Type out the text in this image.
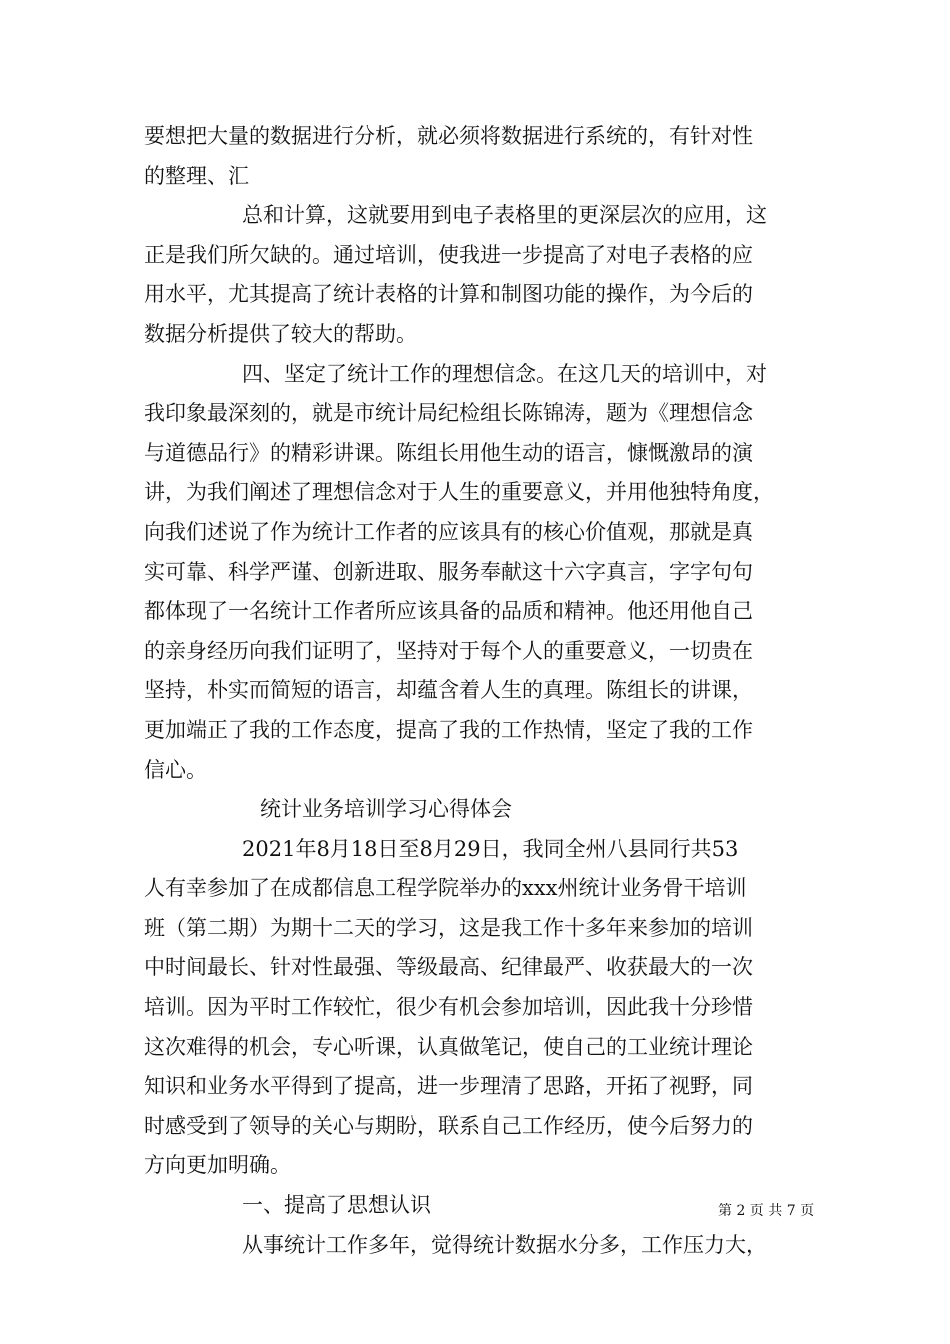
要想把大量的数据进行分析，就必须将数据进行系统的，有针对性
的整理、汇
总和计算，这就要用到电子表格里的更深层次的应用，这
正是我们所欠缺的。通过培训，使我进一步提高了对电子表格的应
用水平，尤其提高了统计表格的计算和制图功能的操作，为今后的
数据分析提供了较大的帮助。
四、坚定了统计工作的理想信念。在这几天的培训中，对
我印象最深刻的，就是市统计局纪检组长陈锦涛，题为《理想信念
与道德品行》的精彩讲课。陈组长用他生动的语言，慷慨激昂的演
讲，为我们阐述了理想信念对于人生的重要意义，并用他独特角度，
向我们述说了作为统计工作者的应该具有的核心价值观，那就是真
实可靠、科学严谨、创新进取、服务奉献这十六字真言，字字句句
都体现了一名统计工作者所应该具备的品质和精神。他还用他自己
的亲身经历向我们证明了，坚持对于每个人的重要意义，一切贵在
坚持，朴实而简短的语言，却蕴含着人生的真理。陈组长的讲课，
更加端正了我的工作态度，提高了我的工作热情，坚定了我的工作
信心。
统计业务培训学习心得体会
2021年8月18日至8月29日，我同全州八县同行共53
人有幸参加了在成都信息工程学院举办的xxx州统计业务骨干培训
班（第二期）为期十二天的学习，这是我工作十多年来参加的培训
中时间最长、针对性最强、等级最高、纪律最严、收获最大的一次
培训。因为平时工作较忙，很少有机会参加培训，因此我十分珍惜
这次难得的机会，专心听课，认真做笔记，使自己的工业统计理论
知识和业务水平得到了提高，进一步理清了思路，开拓了视野，同
时感受到了领导的关心与期盼，联系自己工作经历，使今后努力的
方向更加明确。
一、提高了思想认识
从事统计工作多年，觉得统计数据水分多，工作压力大，
第 2 页 共 7 页
